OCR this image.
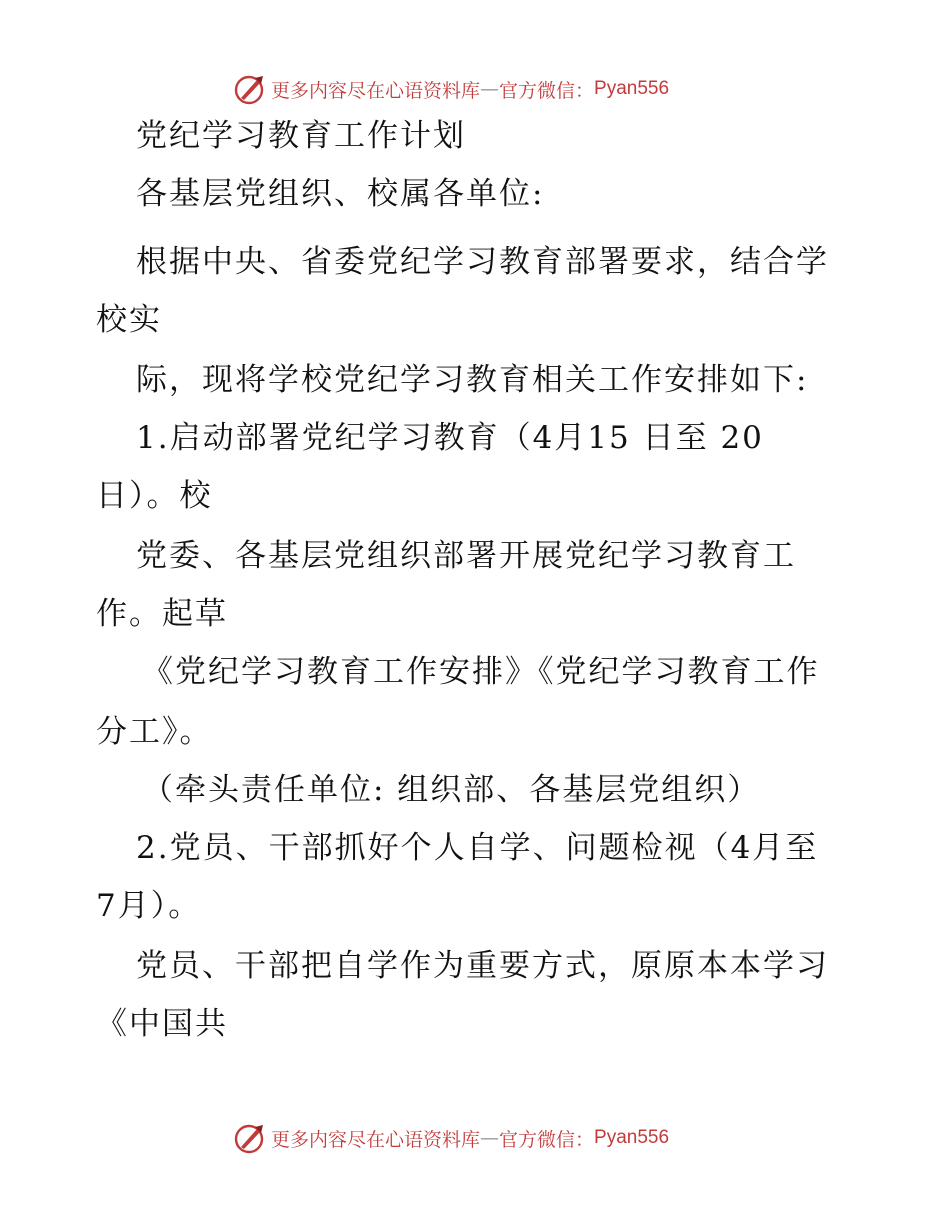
更多内容尽在心语资料库 — 官方微信： Pyan556
党纪学习教育工作计划
各基层党组织、校属各单位:
根据中央、省委党纪学习教育部署要求，结合学
校实
际，现将学校党纪学习教育相关工作安排如下:
1.启动部署党纪学习教育（4月15 日至 20
日）。校
党委、各基层党组织部署开展党纪学习教育工
作。起草
《党纪学习教育工作安排》《党纪学习教育工作
分工》。
（牵头责任单位: 组织部、各基层党组织）
2.党员、干部抓好个人自学、问题检视（4月至
7月）。
党员、干部把自学作为重要方式，原原本本学习
《中国共
更多内容尽在心语资料库 — 官方微信： Pyan556
